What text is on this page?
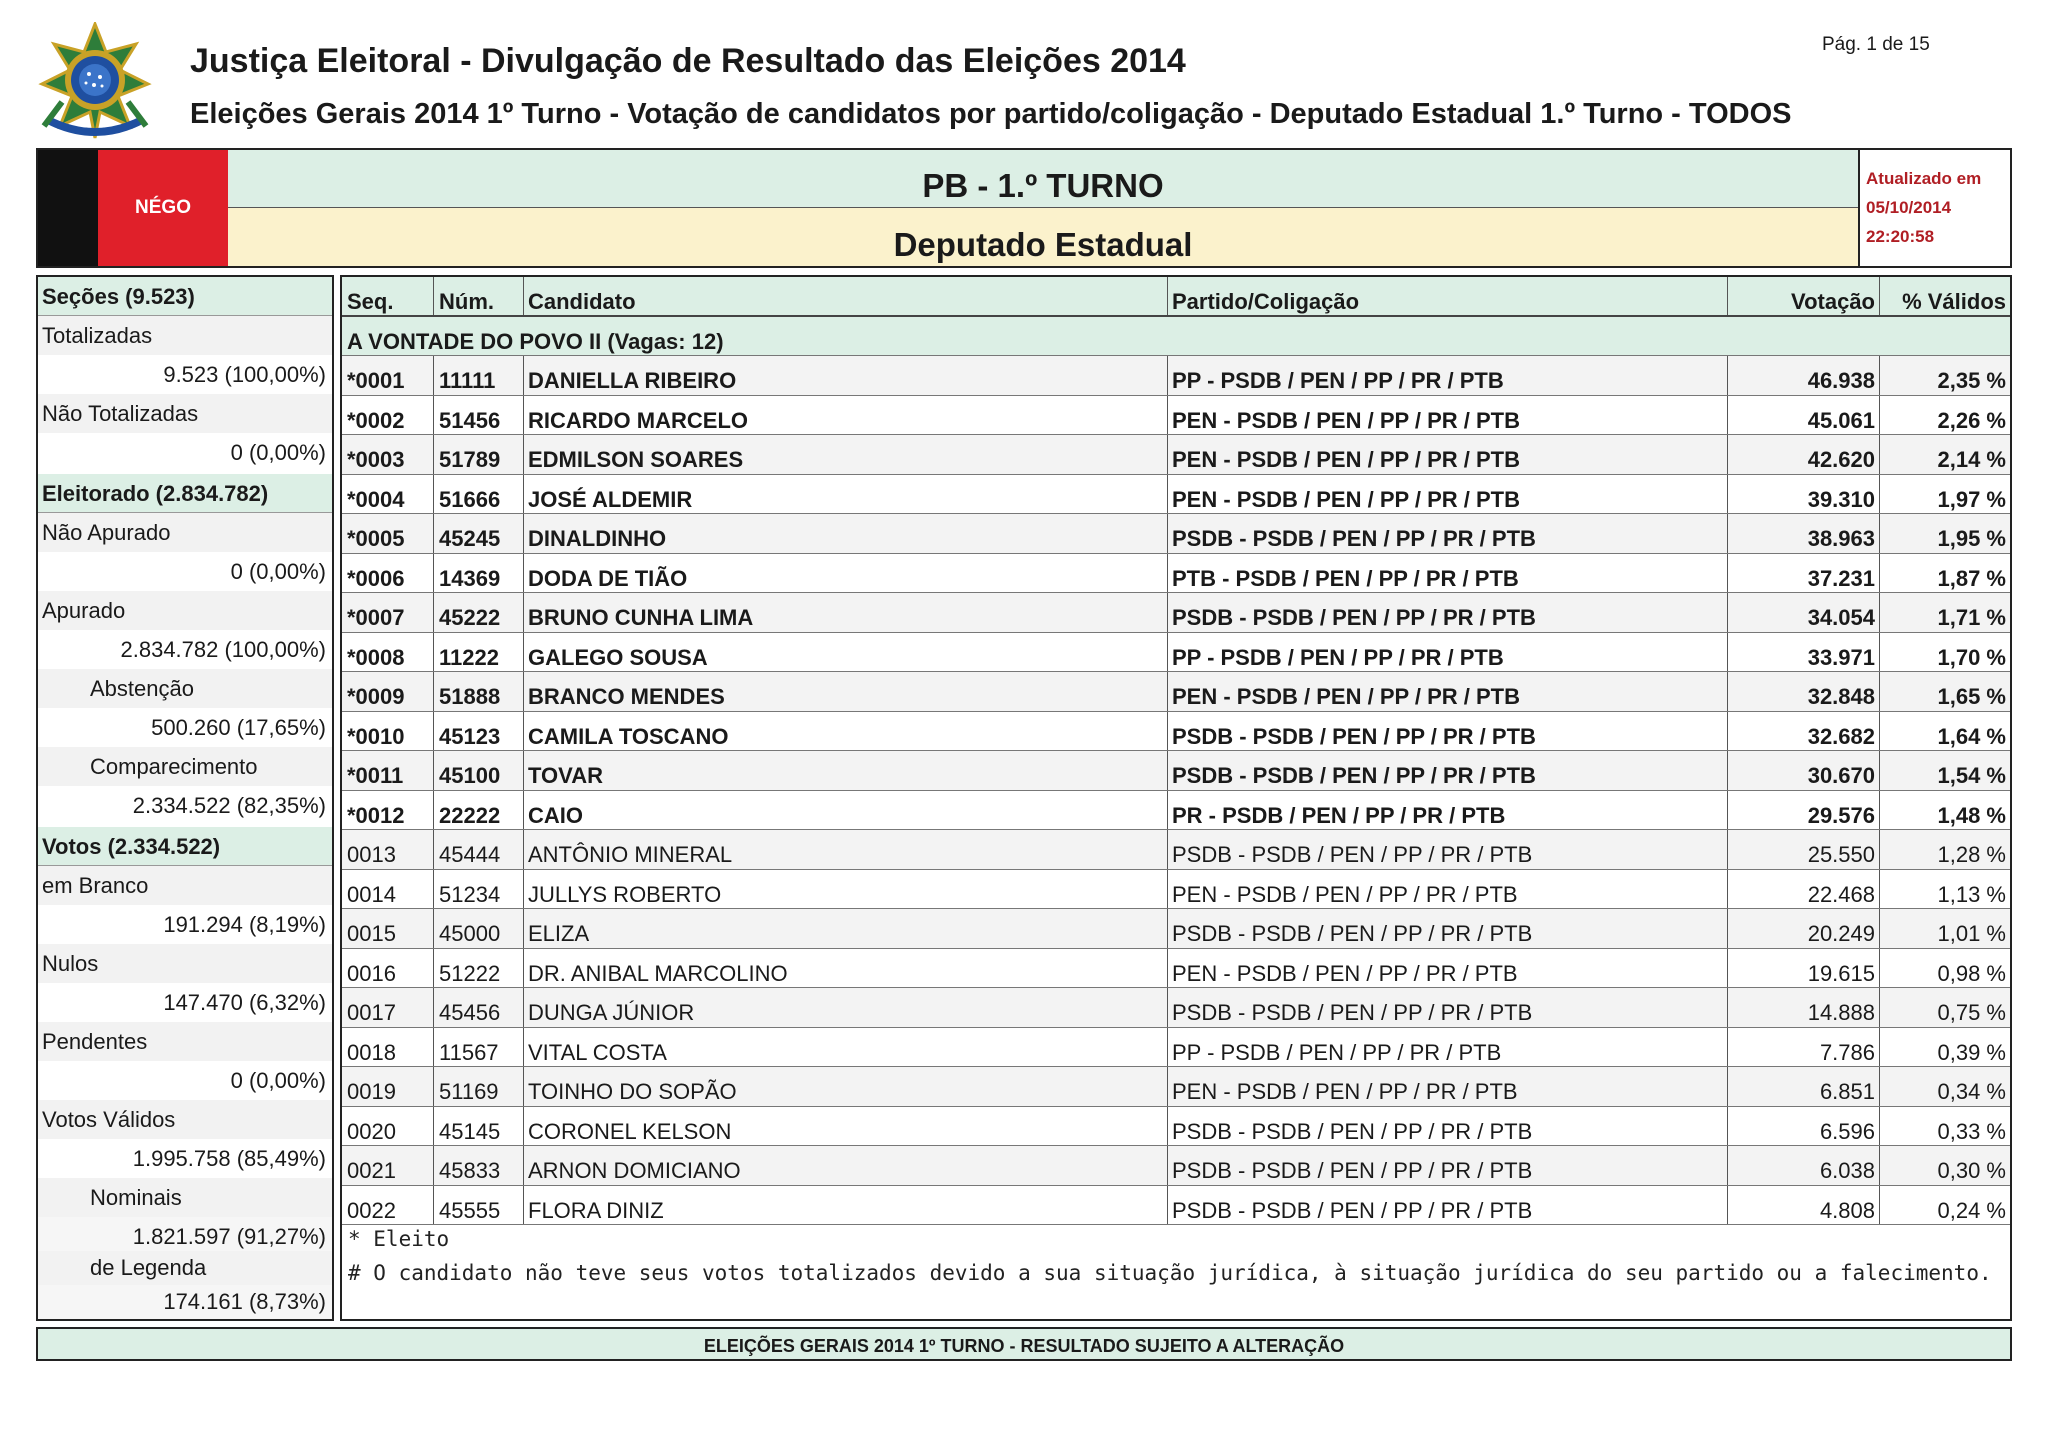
Justiça Eleitoral - Divulgação de Resultado das Eleições 2014
Eleições Gerais 2014 1º Turno - Votação de candidatos por partido/coligação - Deputado Estadual 1.º Turno - TODOS
Pág. 1 de 15
NÉGO
PB - 1.º TURNO
Deputado Estadual
Atualizado em
05/10/2014
22:20:58
Seções (9.523)
Totalizadas
9.523 (100,00%)
Não Totalizadas
0 (0,00%)
Eleitorado (2.834.782)
Não Apurado
0 (0,00%)
Apurado
2.834.782 (100,00%)
Abstenção
500.260 (17,65%)
Comparecimento
2.334.522 (82,35%)
Votos (2.334.522)
em Branco
191.294 (8,19%)
Nulos
147.470 (6,32%)
Pendentes
0 (0,00%)
Votos Válidos
1.995.758 (85,49%)
Nominais
1.821.597 (91,27%)
de Legenda
174.161 (8,73%)
Seq.	Núm.	Candidato	Partido/Coligação	Votação	% Válidos
A VONTADE DO POVO II (Vagas: 12)
*0001	11111	DANIELLA RIBEIRO	PP - PSDB / PEN / PP / PR / PTB	46.938	2,35 %
*0002	51456	RICARDO MARCELO	PEN - PSDB / PEN / PP / PR / PTB	45.061	2,26 %
*0003	51789	EDMILSON SOARES	PEN - PSDB / PEN / PP / PR / PTB	42.620	2,14 %
*0004	51666	JOSÉ ALDEMIR	PEN - PSDB / PEN / PP / PR / PTB	39.310	1,97 %
*0005	45245	DINALDINHO	PSDB - PSDB / PEN / PP / PR / PTB	38.963	1,95 %
*0006	14369	DODA DE TIÃO	PTB - PSDB / PEN / PP / PR / PTB	37.231	1,87 %
*0007	45222	BRUNO CUNHA LIMA	PSDB - PSDB / PEN / PP / PR / PTB	34.054	1,71 %
*0008	11222	GALEGO SOUSA	PP - PSDB / PEN / PP / PR / PTB	33.971	1,70 %
*0009	51888	BRANCO MENDES	PEN - PSDB / PEN / PP / PR / PTB	32.848	1,65 %
*0010	45123	CAMILA TOSCANO	PSDB - PSDB / PEN / PP / PR / PTB	32.682	1,64 %
*0011	45100	TOVAR	PSDB - PSDB / PEN / PP / PR / PTB	30.670	1,54 %
*0012	22222	CAIO	PR - PSDB / PEN / PP / PR / PTB	29.576	1,48 %
0013	45444	ANTÔNIO MINERAL	PSDB - PSDB / PEN / PP / PR / PTB	25.550	1,28 %
0014	51234	JULLYS ROBERTO	PEN - PSDB / PEN / PP / PR / PTB	22.468	1,13 %
0015	45000	ELIZA	PSDB - PSDB / PEN / PP / PR / PTB	20.249	1,01 %
0016	51222	DR. ANIBAL MARCOLINO	PEN - PSDB / PEN / PP / PR / PTB	19.615	0,98 %
0017	45456	DUNGA JÚNIOR	PSDB - PSDB / PEN / PP / PR / PTB	14.888	0,75 %
0018	11567	VITAL COSTA	PP - PSDB / PEN / PP / PR / PTB	7.786	0,39 %
0019	51169	TOINHO DO SOPÃO	PEN - PSDB / PEN / PP / PR / PTB	6.851	0,34 %
0020	45145	CORONEL KELSON	PSDB - PSDB / PEN / PP / PR / PTB	6.596	0,33 %
0021	45833	ARNON DOMICIANO	PSDB - PSDB / PEN / PP / PR / PTB	6.038	0,30 %
0022	45555	FLORA DINIZ	PSDB - PSDB / PEN / PP / PR / PTB	4.808	0,24 %
* Eleito
# O candidato não teve seus votos totalizados devido a sua situação jurídica, à situação jurídica do seu partido ou a falecimento.
ELEIÇÕES GERAIS 2014 1º TURNO - RESULTADO SUJEITO A ALTERAÇÃO
